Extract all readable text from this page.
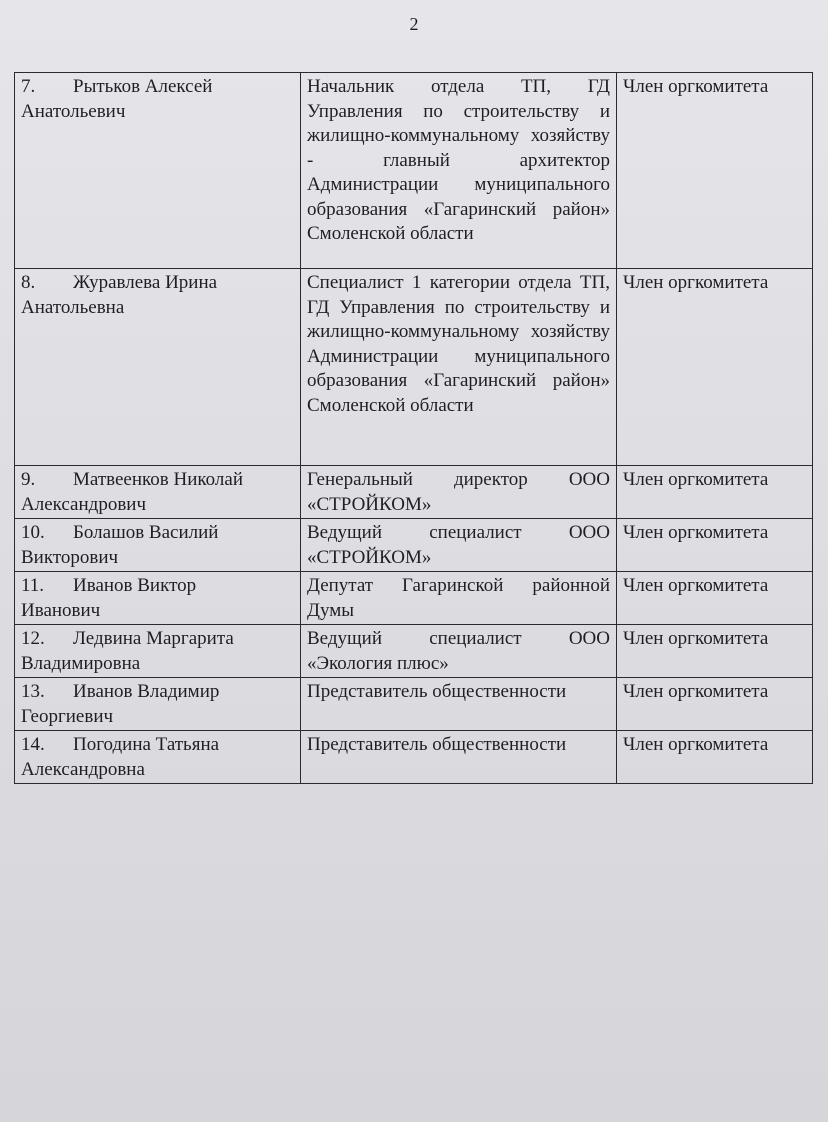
2
7. Рытьков Алексей
Анатольевич	Начальник отдела ТП, ГД Управления по строительству и жилищно-коммунальному хозяйству - главный архитектор Администрации муниципального образования «Гагаринский район» Смоленской области	Член оргкомитета
8. Журавлева Ирина
Анатольевна	Специалист 1 категории отдела ТП, ГД Управления по строительству и жилищно-коммунальному хозяйству Администрации муниципального образования «Гагаринский район» Смоленской области	Член оргкомитета
9. Матвеенков Николай
Александрович	Генеральный директор ООО «СТРОЙКОМ»	Член оргкомитета
10. Болашов Василий
Викторович	Ведущий специалист ООО «СТРОЙКОМ»	Член оргкомитета
11. Иванов Виктор
Иванович	Депутат Гагаринской районной Думы	Член оргкомитета
12. Ледвина Маргарита
Владимировна	Ведущий специалист ООО «Экология плюс»	Член оргкомитета
13. Иванов Владимир
Георгиевич	Представитель общественности	Член оргкомитета
14. Погодина Татьяна
Александровна	Представитель общественности	Член оргкомитета
